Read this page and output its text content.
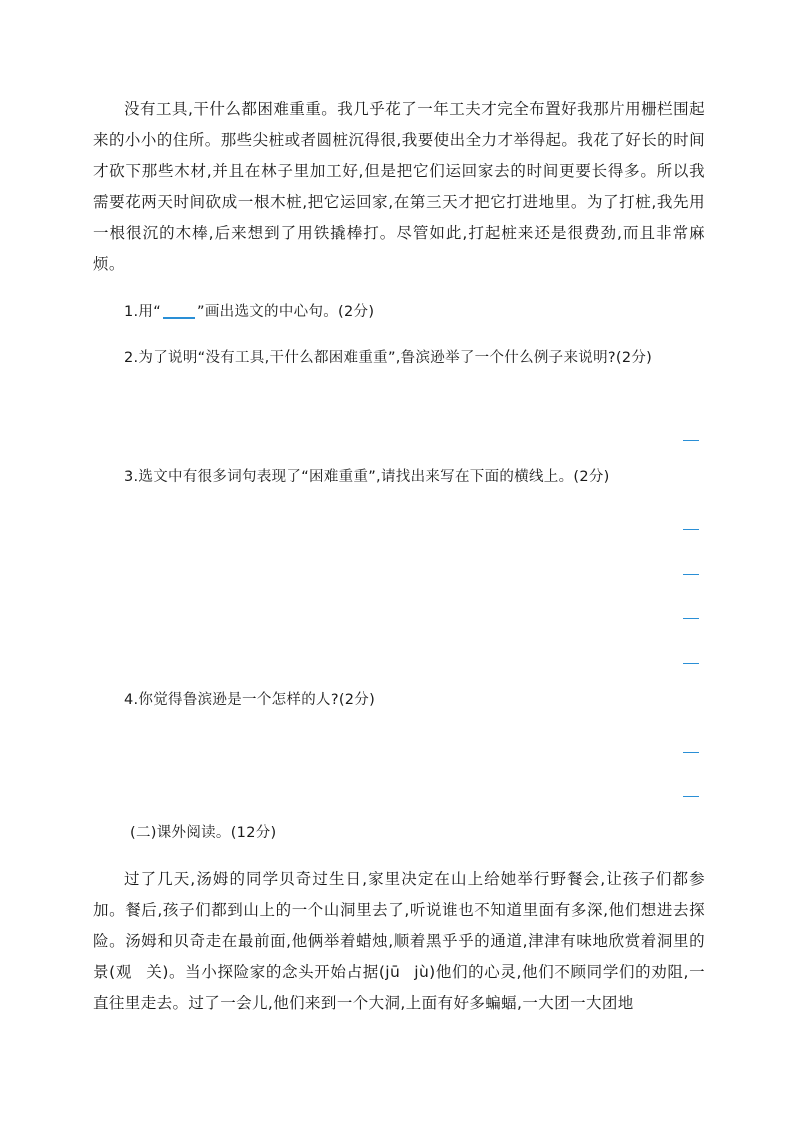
没有工具,干什么都困难重重。我几乎花了一年工夫才完全布置好我那片用栅栏围起来的小小的住所。那些尖桩或者圆桩沉得很,我要使出全力才举得起。我花了好长的时间才砍下那些木材,并且在林子里加工好,但是把它们运回家去的时间更要长得多。所以我需要花两天时间砍成一根木桩,把它运回家,在第三天才把它打进地里。为了打桩,我先用一根很沉的木棒,后来想到了用铁撬棒打。尽管如此,打起桩来还是很费劲,而且非常麻烦。

1.用“ ”画出选文的中心句。(2分)

2.为了说明“没有工具,干什么都困难重重”,鲁滨逊举了一个什么例子来说明?(2分)

3.选文中有很多词句表现了“困难重重”,请找出来写在下面的横线上。(2分)

4.你觉得鲁滨逊是一个怎样的人?(2分)

(二)课外阅读。(12分)

过了几天,汤姆的同学贝奇过生日,家里决定在山上给她举行野餐会,让孩子们都参加。餐后,孩子们都到山上的一个山洞里去了,听说谁也不知道里面有多深,他们想进去探险。汤姆和贝奇走在最前面,他俩举着蜡烛,顺着黑乎乎的通道,津津有味地欣赏着洞里的景(观 关)。当小探险家的念头开始占据(jū jù)他们的心灵,他们不顾同学们的劝阻,一直往里走去。过了一会儿,他们来到一个大洞,上面有好多蝙蝠,一大团一大团地
